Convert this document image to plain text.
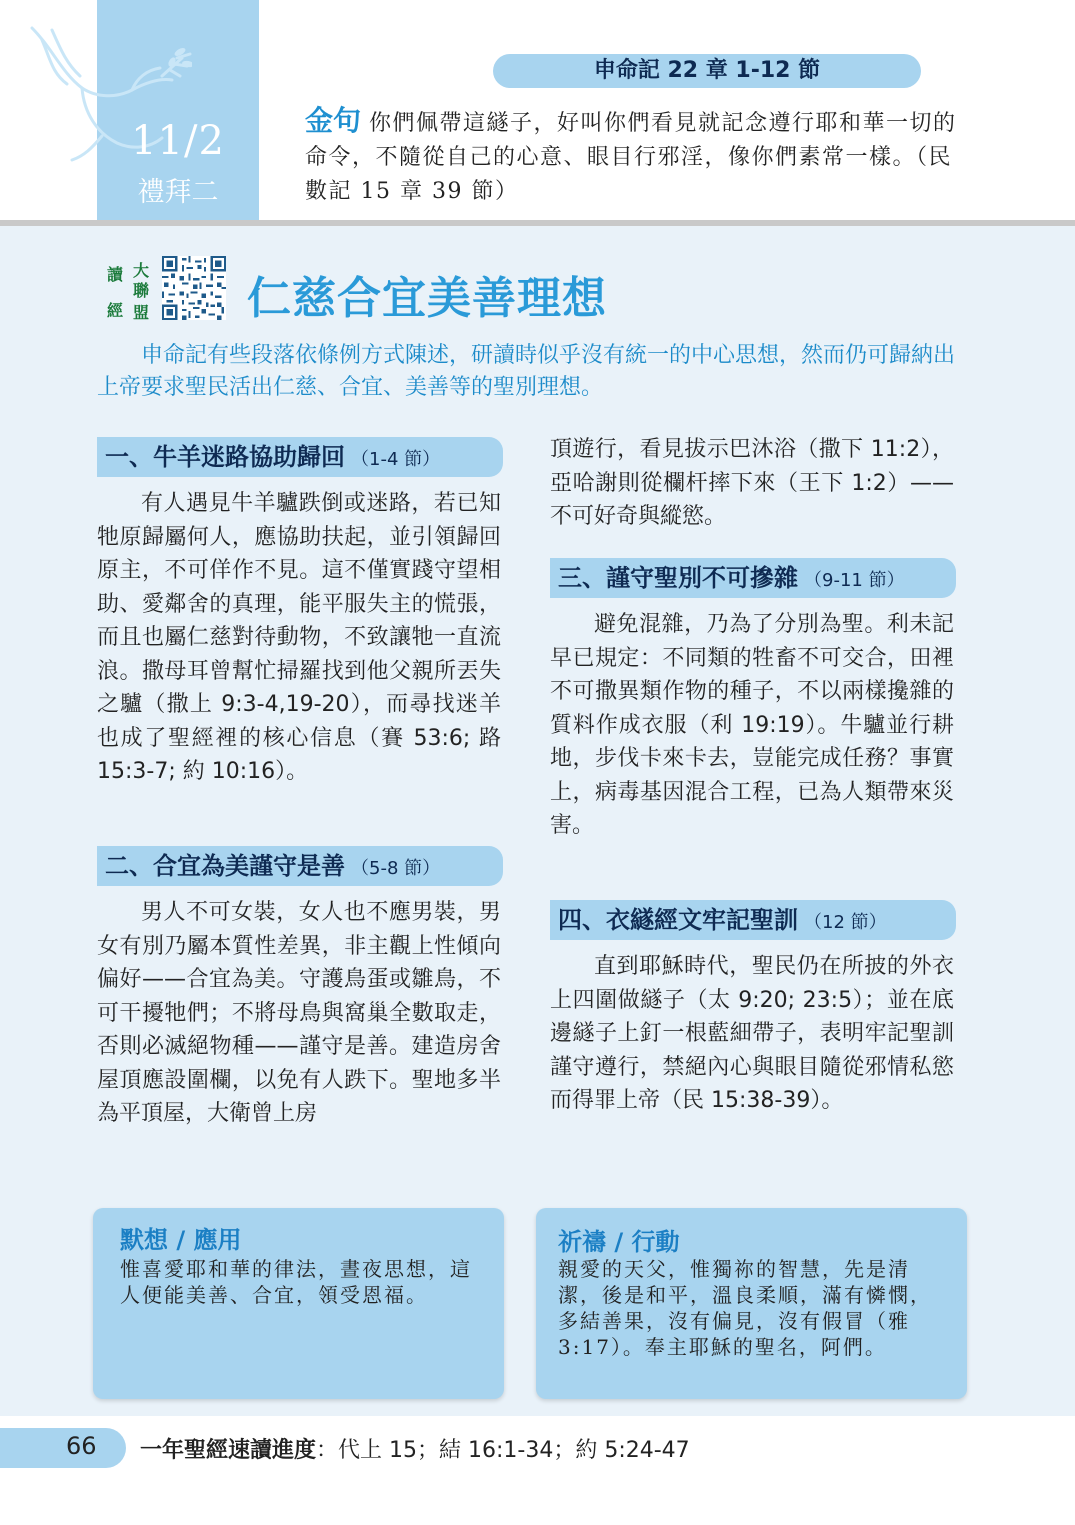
11/2
禮拜二
申命記 22 章 1-12 節
金句 你們佩帶這繸子，好叫你們看見就記念遵行耶和華一切的命令，不隨從自己的心意、眼目行邪淫，像你們素常一樣。（民數記 15 章 39 節）
讀 大
經
聯
盟 仁慈合宜美善理想

申命記有些段落依條例方式陳述，研讀時似乎沒有統一的中心思想，然而仍可歸納出上帝要求聖民活出仁慈、合宜、美善等的聖別理想。

一、牛羊迷路協助歸回 （1-4 節）

有人遇見牛羊驢跌倒或迷路，若已知牠原歸屬何人，應協助扶起，並引領歸回原主，不可佯作不見。這不僅實踐守望相助、愛鄰舍的真理，能平服失主的慌張，而且也屬仁慈對待動物，不致讓牠一直流浪。撒母耳曾幫忙掃羅找到他父親所丟失之驢（撒上 9:3-4,19-20），而尋找迷羊也成了聖經裡的核心信息（賽 53:6; 路 15:3-7; 約 10:16）。

二、合宜為美謹守是善 （5-8 節）

男人不可女裝，女人也不應男裝，男女有別乃屬本質性差異，非主觀上性傾向偏好——合宜為美。守護鳥蛋或雛鳥，不可干擾牠們；不將母鳥與窩巢全數取走，否則必滅絕物種——謹守是善。建造房舍屋頂應設圍欄，以免有人跌下。聖地多半為平頂屋，大衛曾上房

頂遊行，看見拔示巴沐浴（撒下 11:2），亞哈謝則從欄杆摔下來（王下 1:2）——不可好奇與縱慾。

三、謹守聖別不可摻雜 （9-11 節）

避免混雜，乃為了分別為聖。利未記早已規定：不同類的牲畜不可交合，田裡不可撒異類作物的種子，不以兩樣攙雜的質料作成衣服（利 19:19）。牛驢並行耕地，步伐卡來卡去，豈能完成任務？事實上，病毒基因混合工程，已為人類帶來災害。

四、衣繸經文牢記聖訓 （12 節）

直到耶穌時代，聖民仍在所披的外衣上四圍做繸子（太 9:20; 23:5）；並在底邊繸子上釘一根藍細帶子，表明牢記聖訓謹守遵行，禁絕內心與眼目隨從邪情私慾而得罪上帝（民 15:38-39）。

默想 / 應用
惟喜愛耶和華的律法，晝夜思想，這人便能美善、合宜，領受恩福。
祈禱 / 行動
親愛的天父，惟獨祢的智慧，先是清潔，後是和平，溫良柔順，滿有憐憫，多結善果，沒有偏見，沒有假冒（雅 3:17）。奉主耶穌的聖名，阿們。
66 一年聖經速讀進度：代上 15；結 16:1-34；約 5:24-47
